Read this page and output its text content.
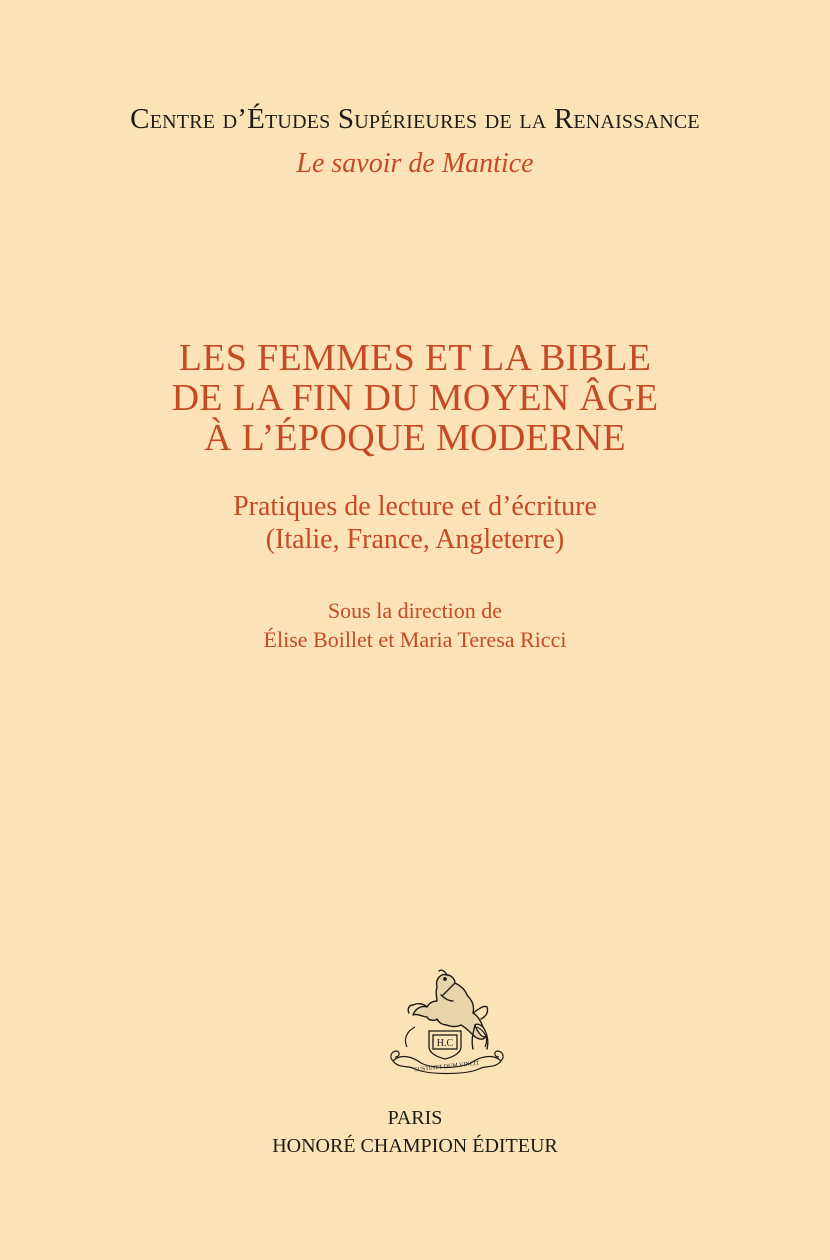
Centre d’Études Supérieures de la Renaissance
Le savoir de Mantice
LES FEMMES ET LA BIBLE
DE LA FIN DU MOYEN ÂGE
À L’ÉPOQUE MODERNE
Pratiques de lecture et d’écriture
(Italie, France, Angleterre)
Sous la direction de
Élise Boillet et Maria Teresa Ricci
H.C
SUSTINET DUM VINCIT
PARIS
HONORÉ CHAMPION ÉDITEUR
